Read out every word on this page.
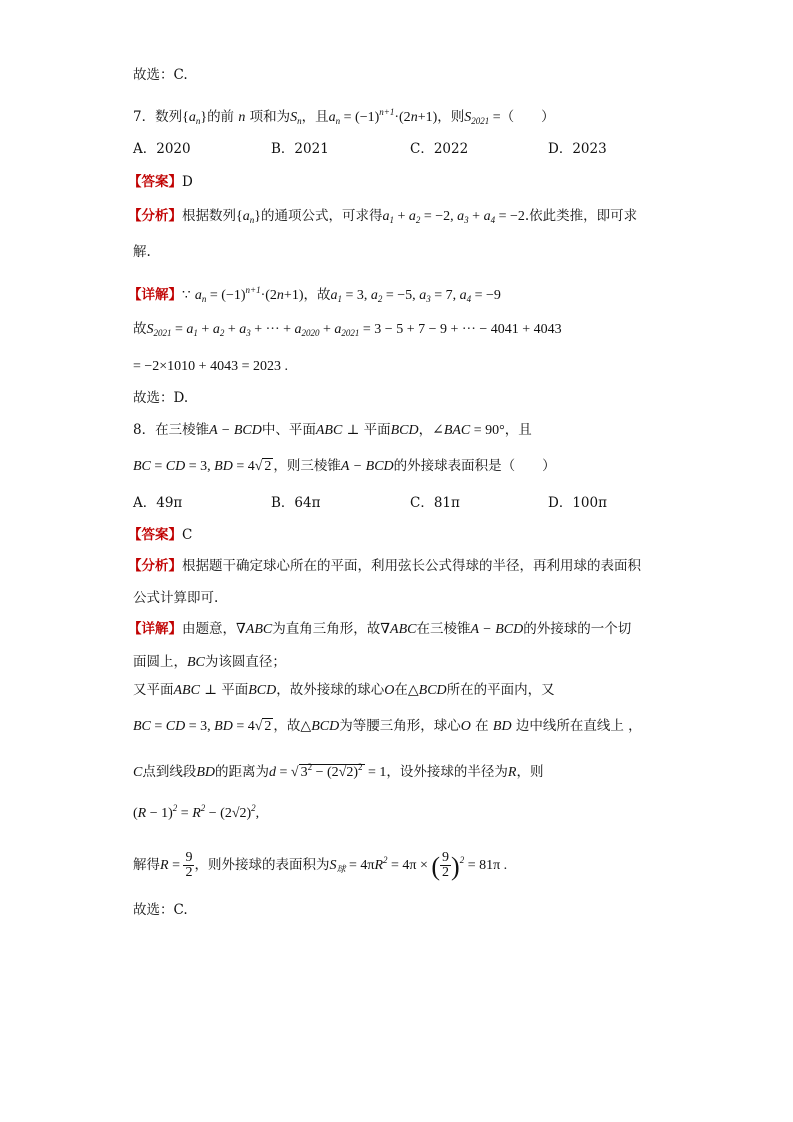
故选：C.
7．数列$\{a_n\}$的前 n 项和为$S_n$，且$a_n = (-1)^{n+1}\cdot(2n+1)$，则$S_{2021}$ =（　　）
A．2020	B．2021	C．2022	D．2023
【答案】D
【分析】根据数列$\{a_n\}$的通项公式，可求得$a_1 + a_2 = -2$, $a_3 + a_4 = -2$.依此类推，即可求
解.
【详解】∵ $a_n = (-1)^{n+1}\cdot(2n+1)$，故$a_1 = 3$, $a_2 = -5$, $a_3 = 7$, $a_4 = -9$
故$S_{2021} = a_1 + a_2 + a_3$ + ··· + $a_{2020} + a_{2021} = 3 - 5 + 7 - 9$ + ··· − 4041 + 4043
= −2×1010 + 4043 = 2023 .
故选：D.
8．在三棱锥A − BCD中、平面ABC ⊥ 平面BCD，∠BAC = 90°，且
BC = CD = 3, BD = 4√ 2 ，则三棱锥A − BCD的外接球表面积是（　　）
A．49π	B．64π	C．81π	D．100π
【答案】C
【分析】根据题干确定球心所在的平面，利用弦长公式得球的半径，再利用球的表面积
公式计算即可.
【详解】由题意，∇ABC为直角三角形，故∇ABC在三棱锥A − BCD的外接球的一个切
面圆上，BC为该圆直径；
又平面ABC ⊥ 平面BCD，故外接球的球心O在△BCD所在的平面内，又
BC = CD = 3, BD = 4√ 2 ，故△BCD为等腰三角形，球心O 在 BD 边中线所在直线上 ，
C点到线段BD的距离为d = √ $3^2 - (2√2)^2 = 1$，设外接球的半径为R，则
$(R - 1)^2 = R^2 - (2√2)^2$,
解得$R = \frac{9}{2}$ ，则外接球的表面积为$S_球 = 4\pi R^2 = 4\pi$ × ( $\frac{9}{2} )^2 = 81\pi$ .
故选：C.
